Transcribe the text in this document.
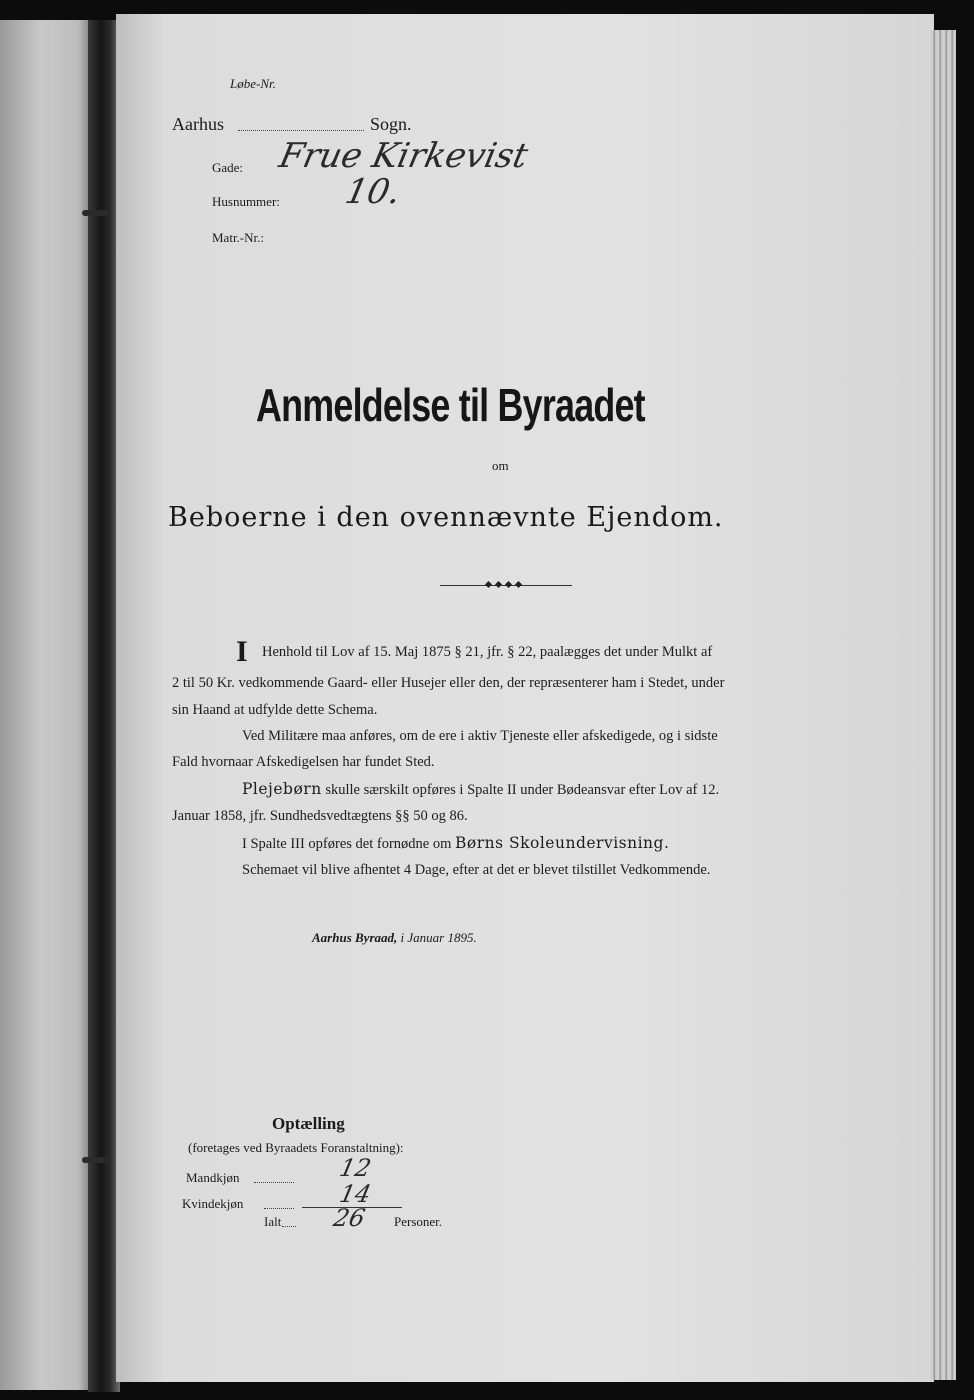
Løbe-Nr.
Aarhus	Sogn.
Gade: Frue Kirkevist
Husnummer: 10.
Matr.-Nr.:
Anmeldelse til Byraadet
om
Beboerne i den ovennævnte Ejendom.
I Henhold til Lov af 15. Maj 1875 § 21, jfr. § 22, paalægges det under Mulkt af
2 til 50 Kr. vedkommende Gaard- eller Husejer eller den, der repræsenterer ham i Stedet, under
sin Haand at udfylde dette Schema.
Ved Militære maa anføres, om de ere i aktiv Tjeneste eller afskedigede, og i sidste
Fald hvornaar Afskedigelsen har fundet Sted.
Plejebørn skulle særskilt opføres i Spalte II under Bødeansvar efter Lov af 12.
Januar 1858, jfr. Sundhedsvedtægtens §§ 50 og 86.
I Spalte III opføres det fornødne om Børns Skoleundervisning.
Schemaet vil blive afhentet 4 Dage, efter at det er blevet tilstillet Vedkommende.
Aarhus Byraad, i Januar 1895.
Optælling
(foretages ved Byraadets Foranstaltning):
Mandkjøn	12
Kvindekjøn	14
Ialt 26 Personer.
